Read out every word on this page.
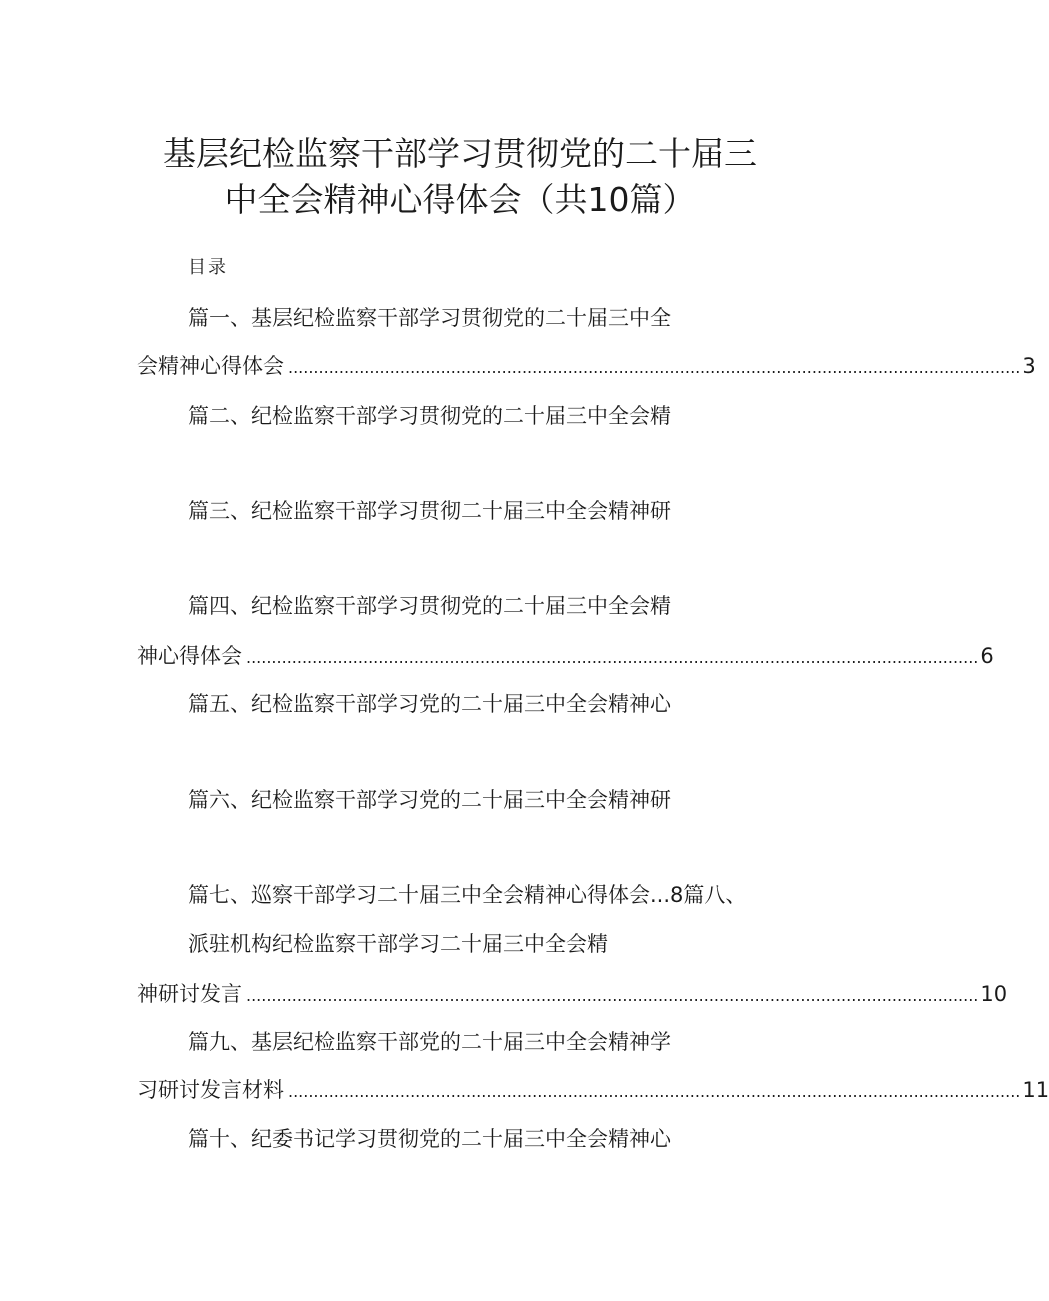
基层纪检监察干部学习贯彻党的二十届三
中全会精神心得体会（共10篇）
目录
篇一、基层纪检监察干部学习贯彻党的二十届三中全
会精神心得体会 ................................................................................................................................................ 3
篇二、纪检监察干部学习贯彻党的二十届三中全会精
篇三、纪检监察干部学习贯彻二十届三中全会精神研
篇四、纪检监察干部学习贯彻党的二十届三中全会精
神心得体会 ................................................................................................................................................ 6
篇五、纪检监察干部学习党的二十届三中全会精神心
篇六、纪检监察干部学习党的二十届三中全会精神研
篇七、巡察干部学习二十届三中全会精神心得体会...8篇八、
派驻机构纪检监察干部学习二十届三中全会精
神研讨发言 ................................................................................................................................................ 10
篇九、基层纪检监察干部党的二十届三中全会精神学
习研讨发言材料 ................................................................................................................................................ 11
篇十、纪委书记学习贯彻党的二十届三中全会精神心
